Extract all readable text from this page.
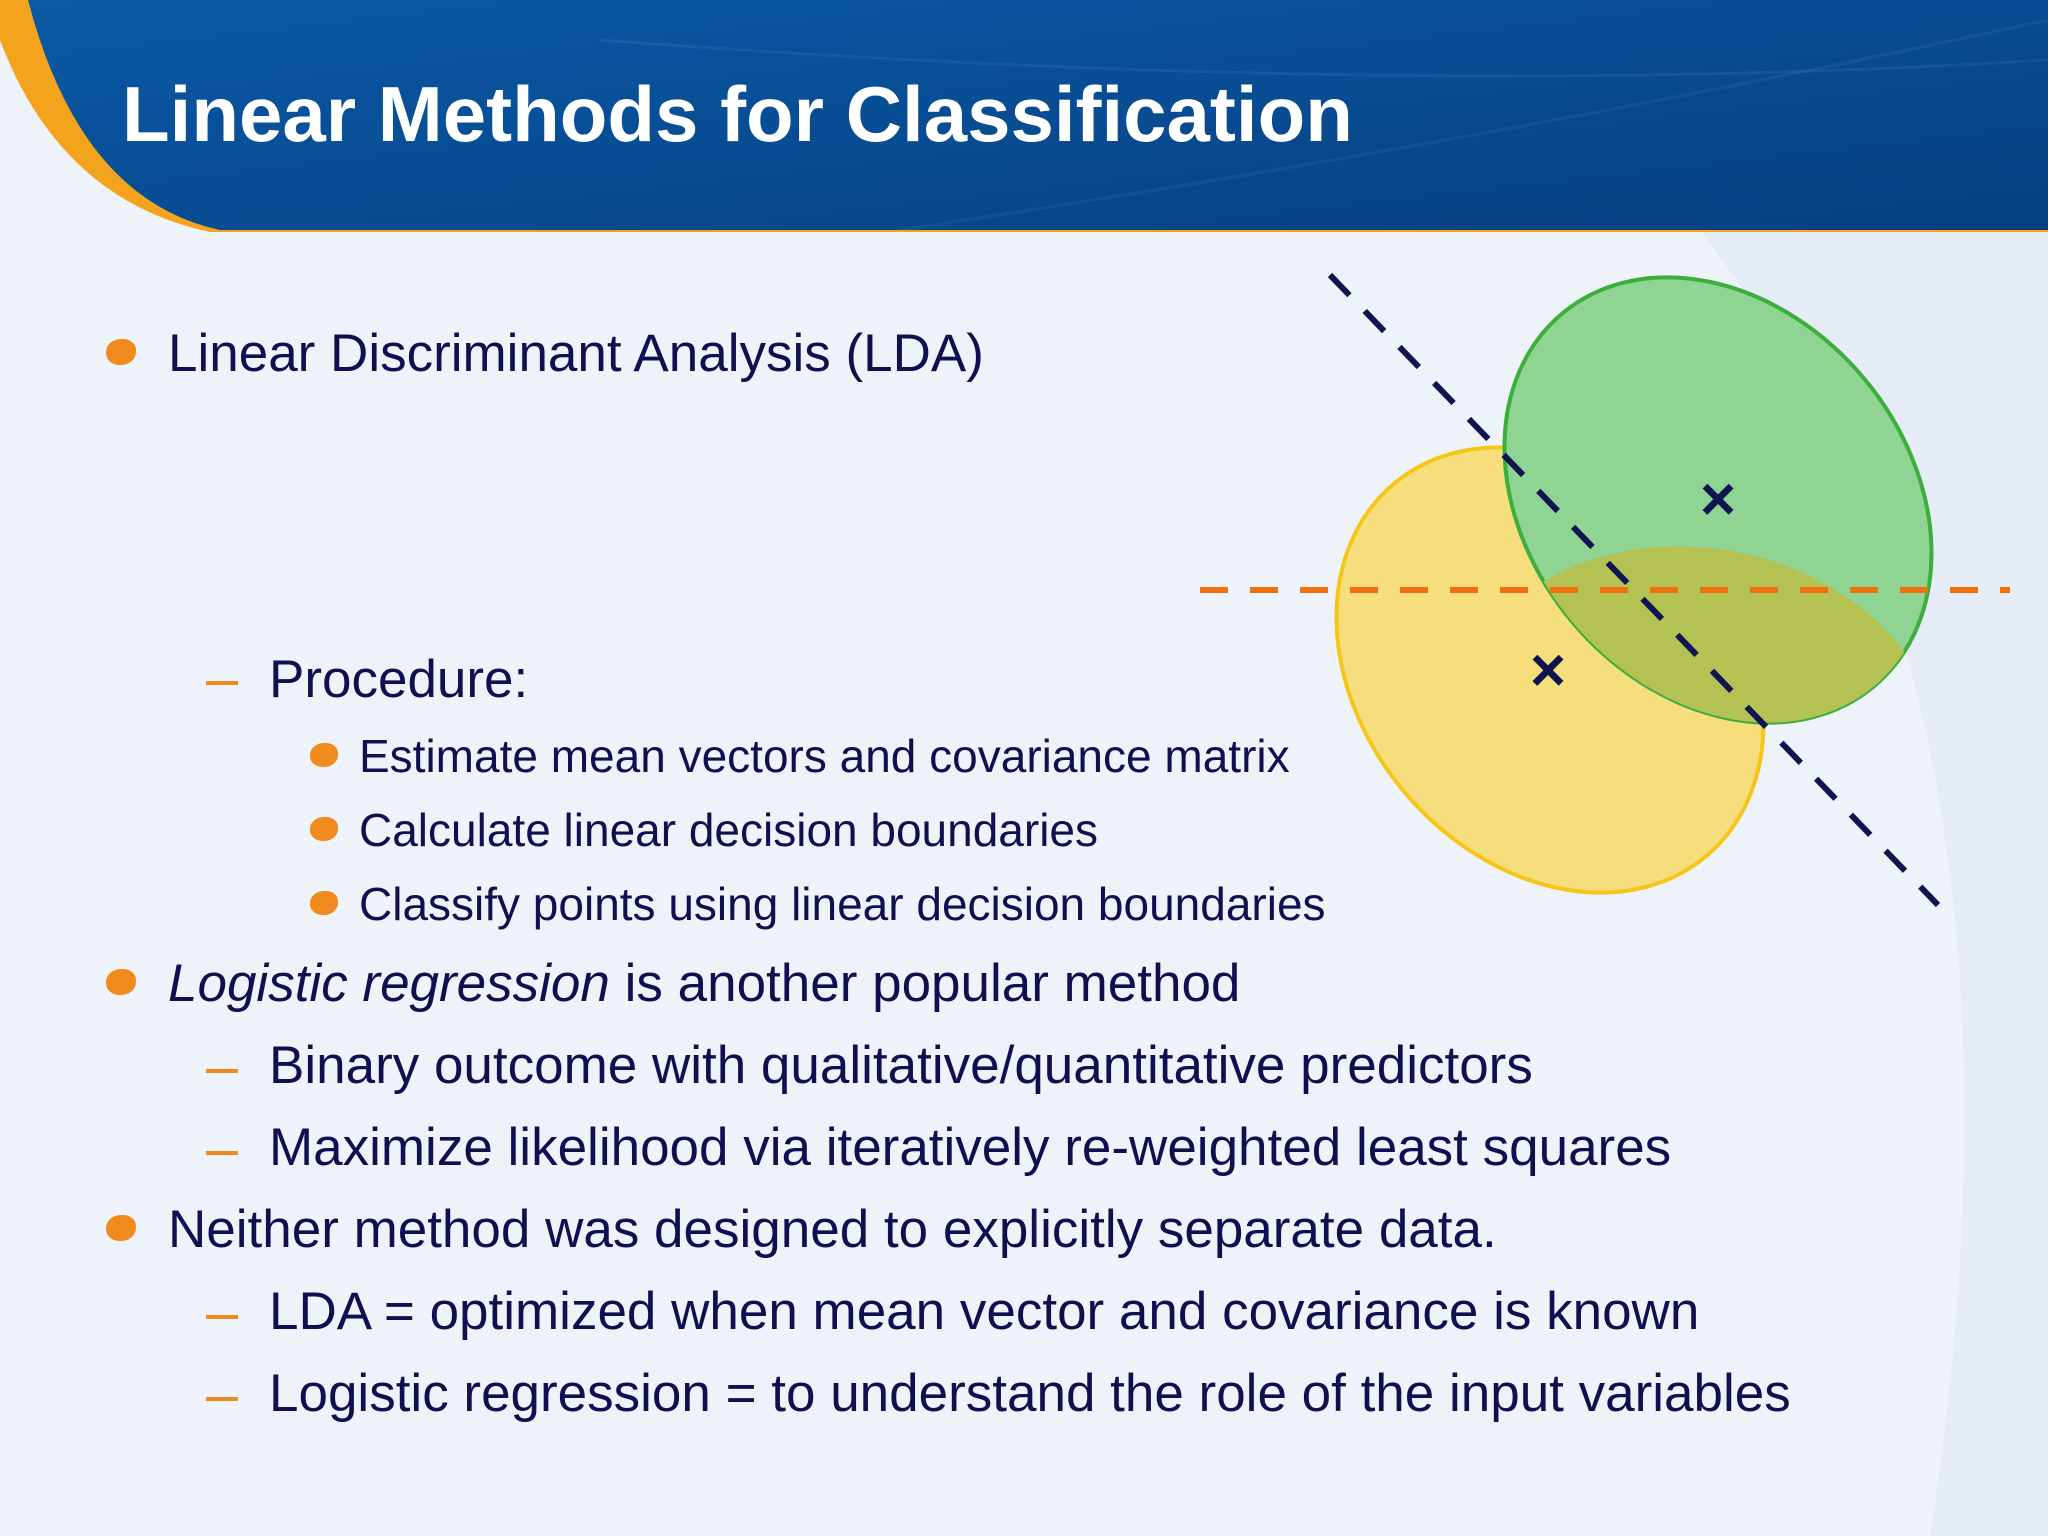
Linear Methods for Classification
Linear Discriminant Analysis (LDA)
Procedure:
Estimate mean vectors and covariance matrix
Calculate linear decision boundaries
Classify points using linear decision boundaries
Logistic regression is another popular method
Binary outcome with qualitative/quantitative predictors
Maximize likelihood via iteratively re-weighted least squares
Neither method was designed to explicitly separate data.
LDA = optimized when mean vector and covariance is known
Logistic regression = to understand the role of the input variables
×
×
